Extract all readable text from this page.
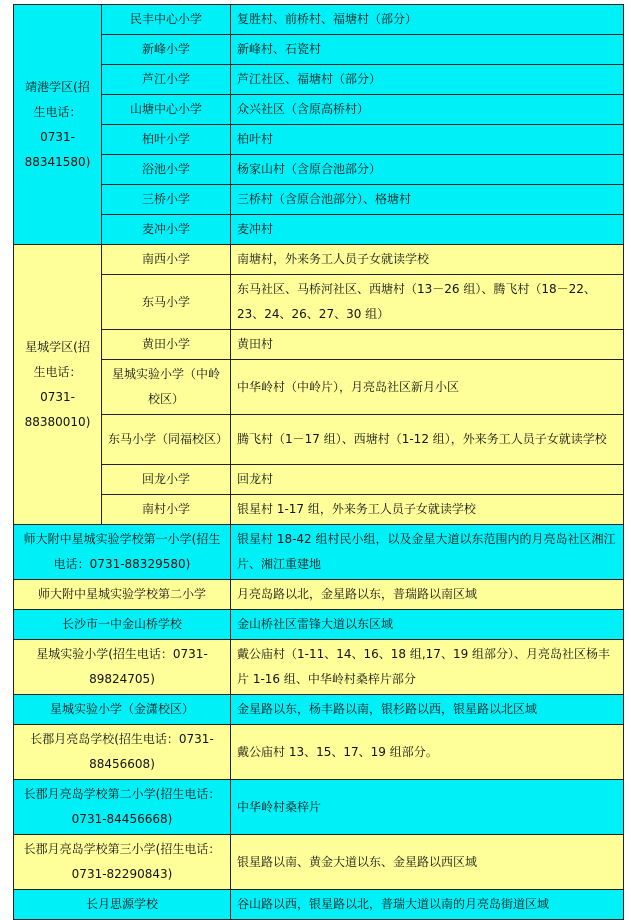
靖港学区(招生电话：0731-88341580)	民丰中心小学	复胜村、前桥村、福塘村（部分）
	新峰小学	新峰村、石瓷村
	芦江小学	芦江社区、福塘村（部分）
	山塘中心小学	众兴社区（含原高桥村）
	柏叶小学	柏叶村
	浴池小学	杨家山村（含原合池部分）
	三桥小学	三桥村（含原合池部分）、格塘村
	麦冲小学	麦冲村
星城学区(招生电话：0731-88380010)	南西小学	南塘村，外来务工人员子女就读学校
	东马小学	东马社区、马桥河社区、西塘村（13－26 组）、腾飞村（18－22、23、24、26、27、30 组）
	黄田小学	黄田村
	星城实验小学（中岭校区）	中华岭村（中岭片），月亮岛社区新月小区
	东马小学（同福校区）	腾飞村（1－17 组）、西塘村（1-12 组），外来务工人员子女就读学校
	回龙小学	回龙村
	南村小学	银星村 1-17 组，外来务工人员子女就读学校
师大附中星城实验学校第一小学(招生电话：0731-88329580)		银星村 18-42 组村民小组，以及金星大道以东范围内的月亮岛社区湘江片、湘江重建地
师大附中星城实验学校第二小学		月亮岛路以北，金星路以东，普瑞路以南区域
长沙市一中金山桥学校		金山桥社区雷锋大道以东区域
星城实验小学(招生电话：0731-89824705)		戴公庙村（1-11、14、16、18 组,17、19 组部分）、月亮岛社区杨丰片 1-16 组、中华岭村桑梓片部分
星城实验小学（金潇校区）		金星路以东，杨丰路以南，银杉路以西，银星路以北区域
长郡月亮岛学校(招生电话：0731-88456608)		戴公庙村 13、15、17、19 组部分。
长郡月亮岛学校第二小学(招生电话：0731-84456668)		中华岭村桑梓片
长郡月亮岛学校第三小学(招生电话：0731-82290843)		银星路以南、黄金大道以东、金星路以西区域
长月思源学校		谷山路以西，银星路以北，普瑞大道以南的月亮岛街道区域
